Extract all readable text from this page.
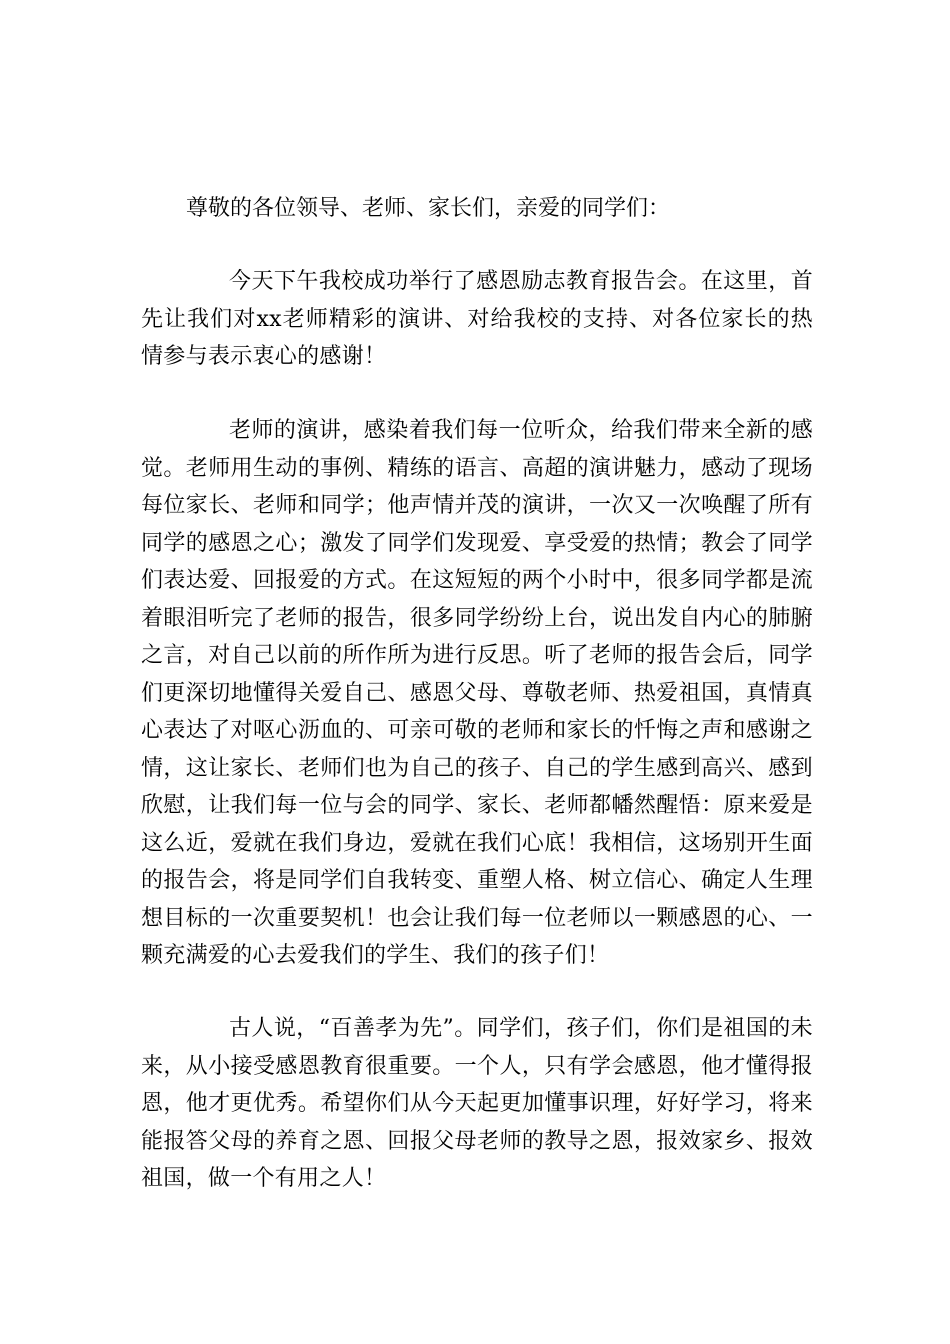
尊敬的各位领导、老师、家长们，亲爱的同学们：

今天下午我校成功举行了感恩励志教育报告会。在这里，首先让我们对xx老师精彩的演讲、对给我校的支持、对各位家长的热情参与表示衷心的感谢！

老师的演讲，感染着我们每一位听众，给我们带来全新的感觉。老师用生动的事例、精练的语言、高超的演讲魅力，感动了现场每位家长、老师和同学；他声情并茂的演讲，一次又一次唤醒了所有同学的感恩之心；激发了同学们发现爱、享受爱的热情；教会了同学们表达爱、回报爱的方式。在这短短的两个小时中，很多同学都是流着眼泪听完了老师的报告，很多同学纷纷上台，说出发自内心的肺腑之言，对自己以前的所作所为进行反思。听了老师的报告会后，同学们更深切地懂得关爱自己、感恩父母、尊敬老师、热爱祖国，真情真心表达了对呕心沥血的、可亲可敬的老师和家长的忏悔之声和感谢之情，这让家长、老师们也为自己的孩子、自己的学生感到高兴、感到欣慰，让我们每一位与会的同学、家长、老师都幡然醒悟：原来爱是这么近，爱就在我们身边，爱就在我们心底！我相信，这场别开生面的报告会，将是同学们自我转变、重塑人格、树立信心、确定人生理想目标的一次重要契机！也会让我们每一位老师以一颗感恩的心、一颗充满爱的心去爱我们的学生、我们的孩子们！

古人说，“百善孝为先”。同学们，孩子们，你们是祖国的未来，从小接受感恩教育很重要。一个人，只有学会感恩，他才懂得报恩，他才更优秀。希望你们从今天起更加懂事识理，好好学习，将来能报答父母的养育之恩、回报父母老师的教导之恩，报效家乡、报效祖国，做一个有用之人！
